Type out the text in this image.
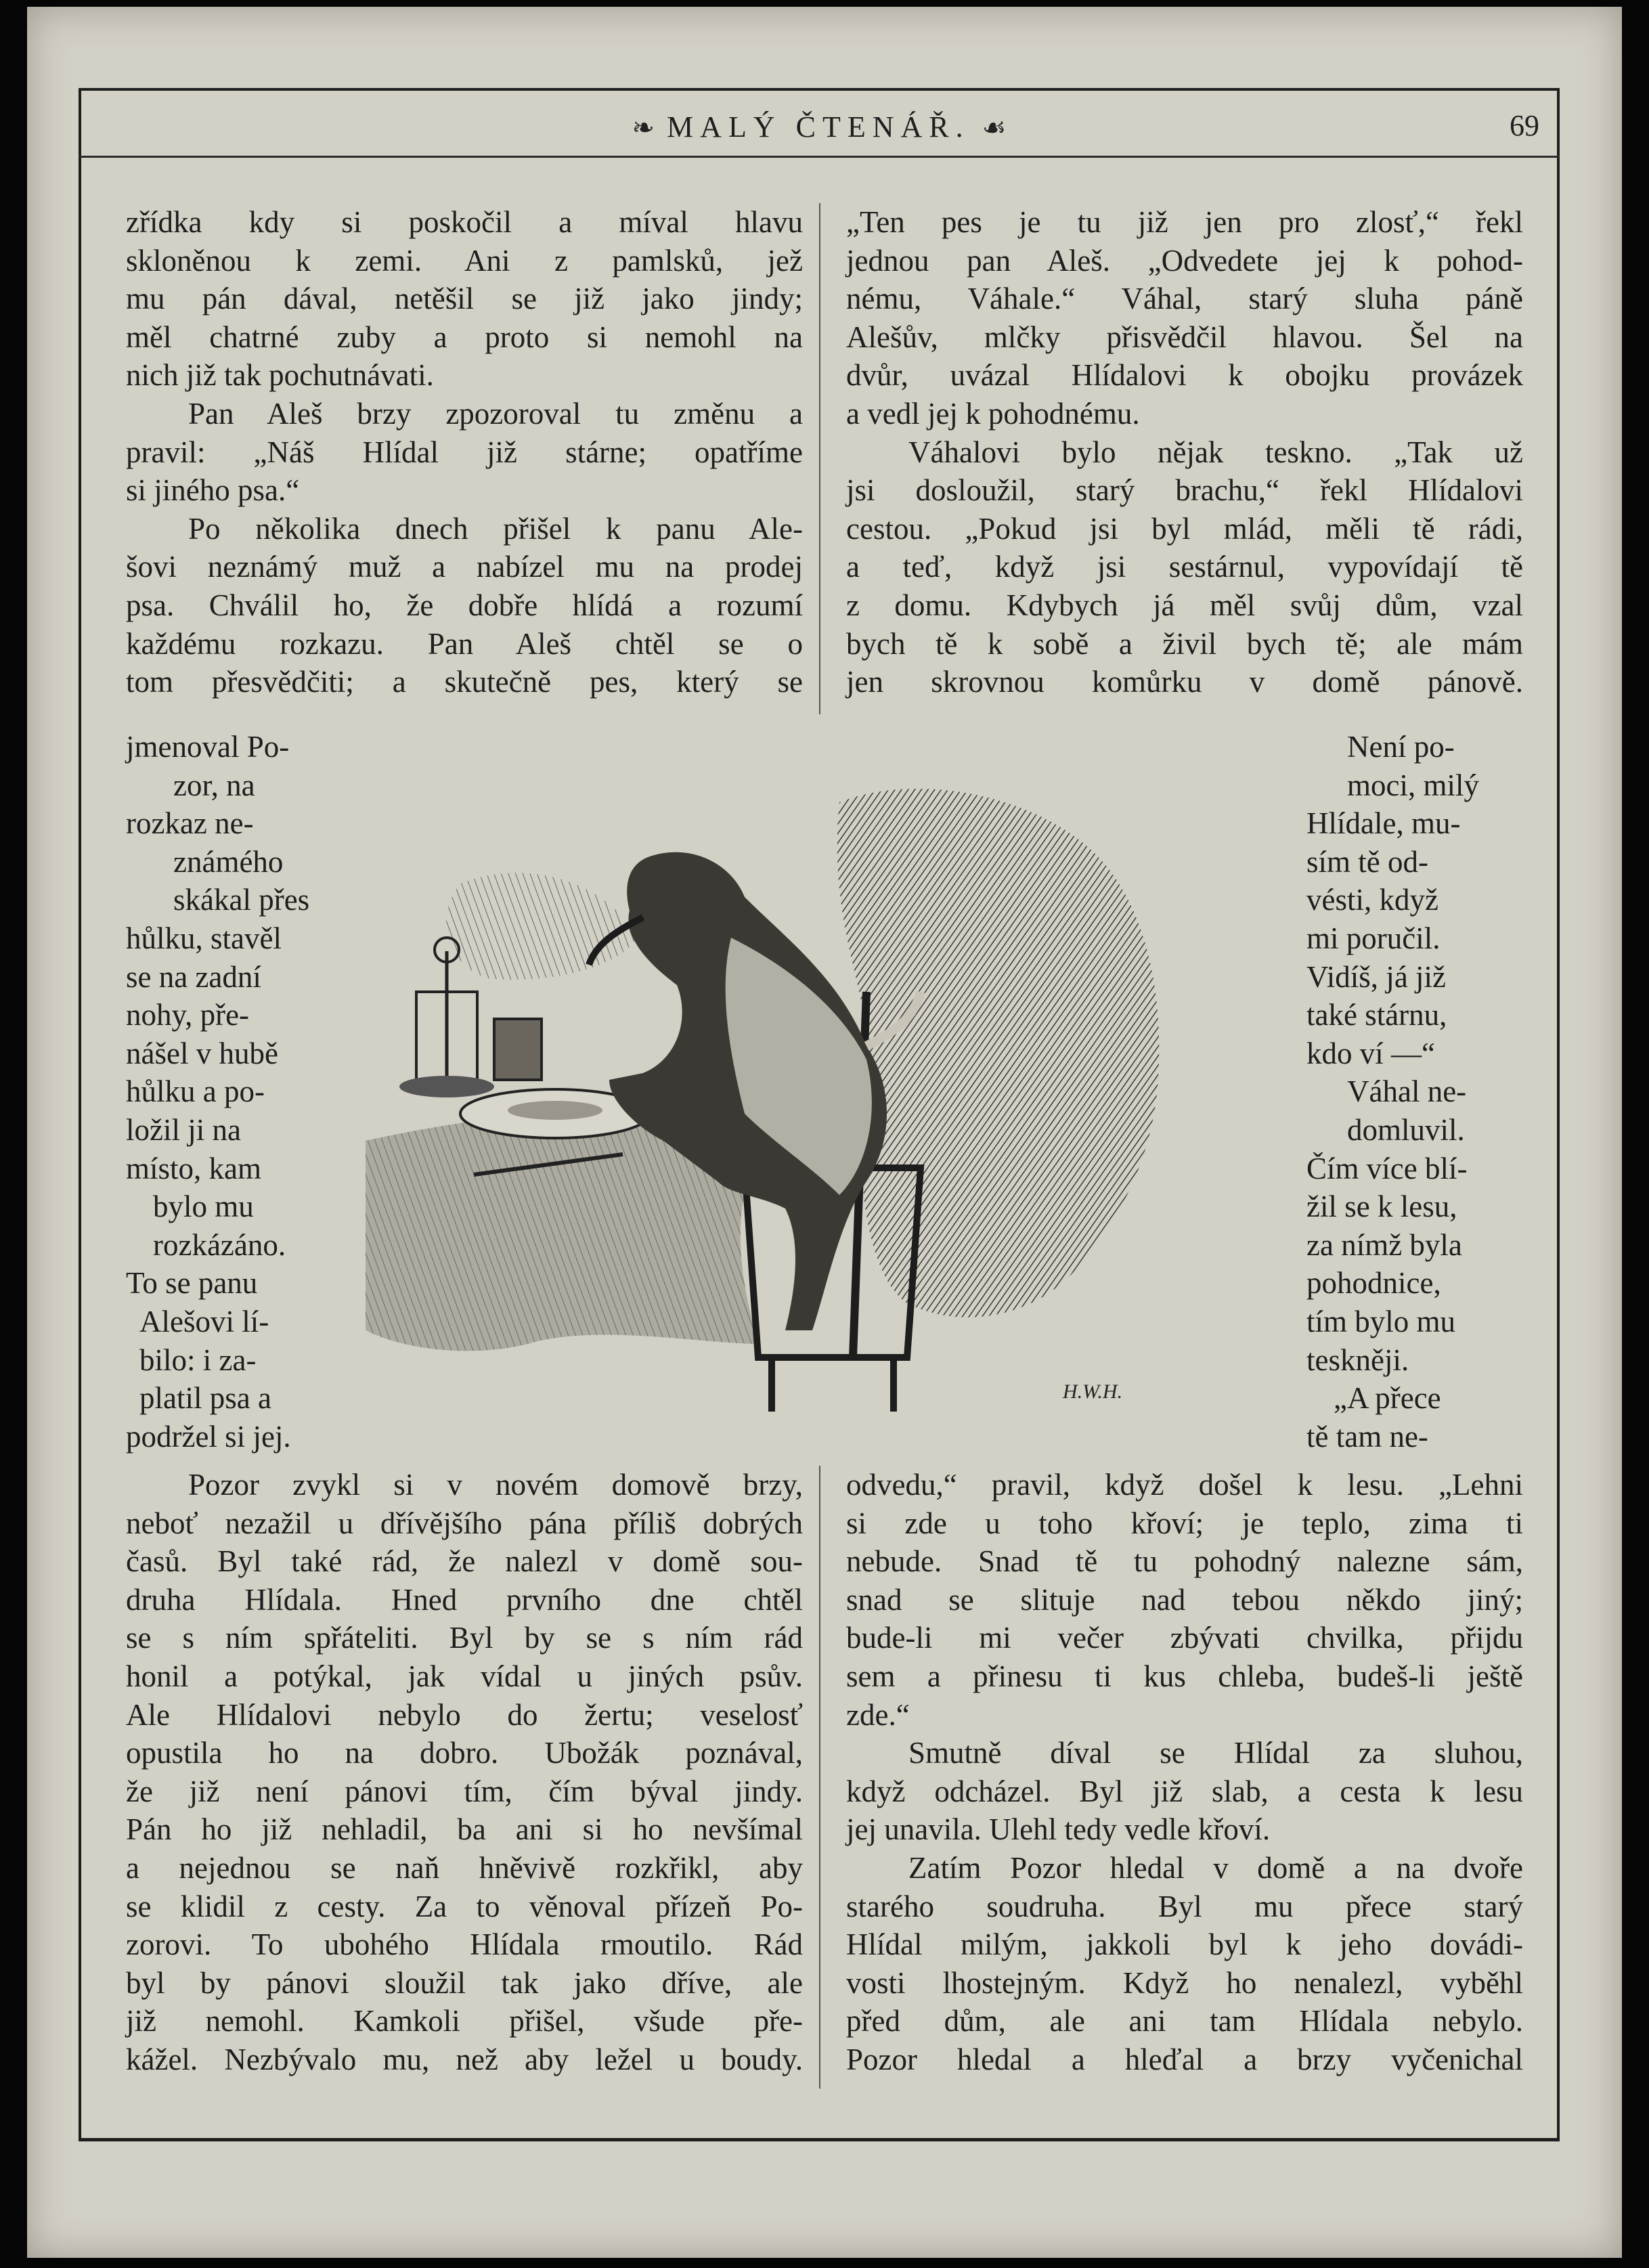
❧ MALÝ ČTENÁŘ. ☙	69
zřídka kdy si poskočil a míval hlavu
skloněnou k zemi. Ani z pamlsků, jež
mu pán dával, netěšil se již jako jindy;
měl chatrné zuby a proto si nemohl na
nich již tak pochutnávati.
Pan Aleš brzy zpozoroval tu změnu a
pravil: „Náš Hlídal již stárne; opatříme
si jiného psa.“
Po několika dnech přišel k panu Ale-
šovi neznámý muž a nabízel mu na prodej
psa. Chválil ho, že dobře hlídá a rozumí
každému rozkazu. Pan Aleš chtěl se o
tom přesvědčiti; a skutečně pes, který se
„Ten pes je tu již jen pro zlosť,“ řekl
jednou pan Aleš. „Odvedete jej k pohod-
nému, Váhale.“ Váhal, starý sluha páně
Alešův, mlčky přisvědčil hlavou. Šel na
dvůr, uvázal Hlídalovi k obojku provázek
a vedl jej k pohodnému.
Váhalovi bylo nějak teskno. „Tak už
jsi dosloužil, starý brachu,“ řekl Hlídalovi
cestou. „Pokud jsi byl mlád, měli tě rádi,
a teď, když jsi sestárnul, vypovídají tě
z domu. Kdybych já měl svůj dům, vzal
bych tě k sobě a živil bych tě; ale mám
jen skrovnou komůrku v domě pánově.
jmenoval Po-
zor, na
rozkaz ne-
známého
skákal přes
hůlku, stavěl
se na zadní
nohy, pře-
nášel v hubě
hůlku a po-
ložil ji na
místo, kam
bylo mu
rozkázáno.
To se panu
Alešovi lí-
bilo: i za-
platil psa a
podržel si jej.
Není po-
moci, milý
Hlídale, mu-
sím tě od-
vésti, když
mi poručil.
Vidíš, já již
také stárnu,
kdo ví —“
Váhal ne-
domluvil.
Čím více blí-
žil se k lesu,
za nímž byla
pohodnice,
tím bylo mu
teskněji.
„A přece
tě tam ne-
H.W.H.
Pozor zvykl si v novém domově brzy,
neboť nezažil u dřívějšího pána příliš dobrých
časů. Byl také rád, že nalezl v domě sou-
druha Hlídala. Hned prvního dne chtěl
se s ním spřáteliti. Byl by se s ním rád
honil a potýkal, jak vídal u jiných psův.
Ale Hlídalovi nebylo do žertu; veselosť
opustila ho na dobro. Ubožák poznával,
že již není pánovi tím, čím býval jindy.
Pán ho již nehladil, ba ani si ho nevšímal
a nejednou se naň hněvivě rozkřikl, aby
se klidil z cesty. Za to věnoval přízeň Po-
zorovi. To ubohého Hlídala rmoutilo. Rád
byl by pánovi sloužil tak jako dříve, ale
již nemohl. Kamkoli přišel, všude pře-
kážel. Nezbývalo mu, než aby ležel u boudy.
odvedu,“ pravil, když došel k lesu. „Lehni
si zde u toho křoví; je teplo, zima ti
nebude. Snad tě tu pohodný nalezne sám,
snad se slituje nad tebou někdo jiný;
bude-li mi večer zbývati chvilka, přijdu
sem a přinesu ti kus chleba, budeš-li ještě
zde.“
Smutně díval se Hlídal za sluhou,
když odcházel. Byl již slab, a cesta k lesu
jej unavila. Ulehl tedy vedle křoví.
Zatím Pozor hledal v domě a na dvoře
starého soudruha. Byl mu přece starý
Hlídal milým, jakkoli byl k jeho dovádi-
vosti lhostejným. Když ho nenalezl, vyběhl
před dům, ale ani tam Hlídala nebylo.
Pozor hledal a hleďal a brzy vyčenichal
